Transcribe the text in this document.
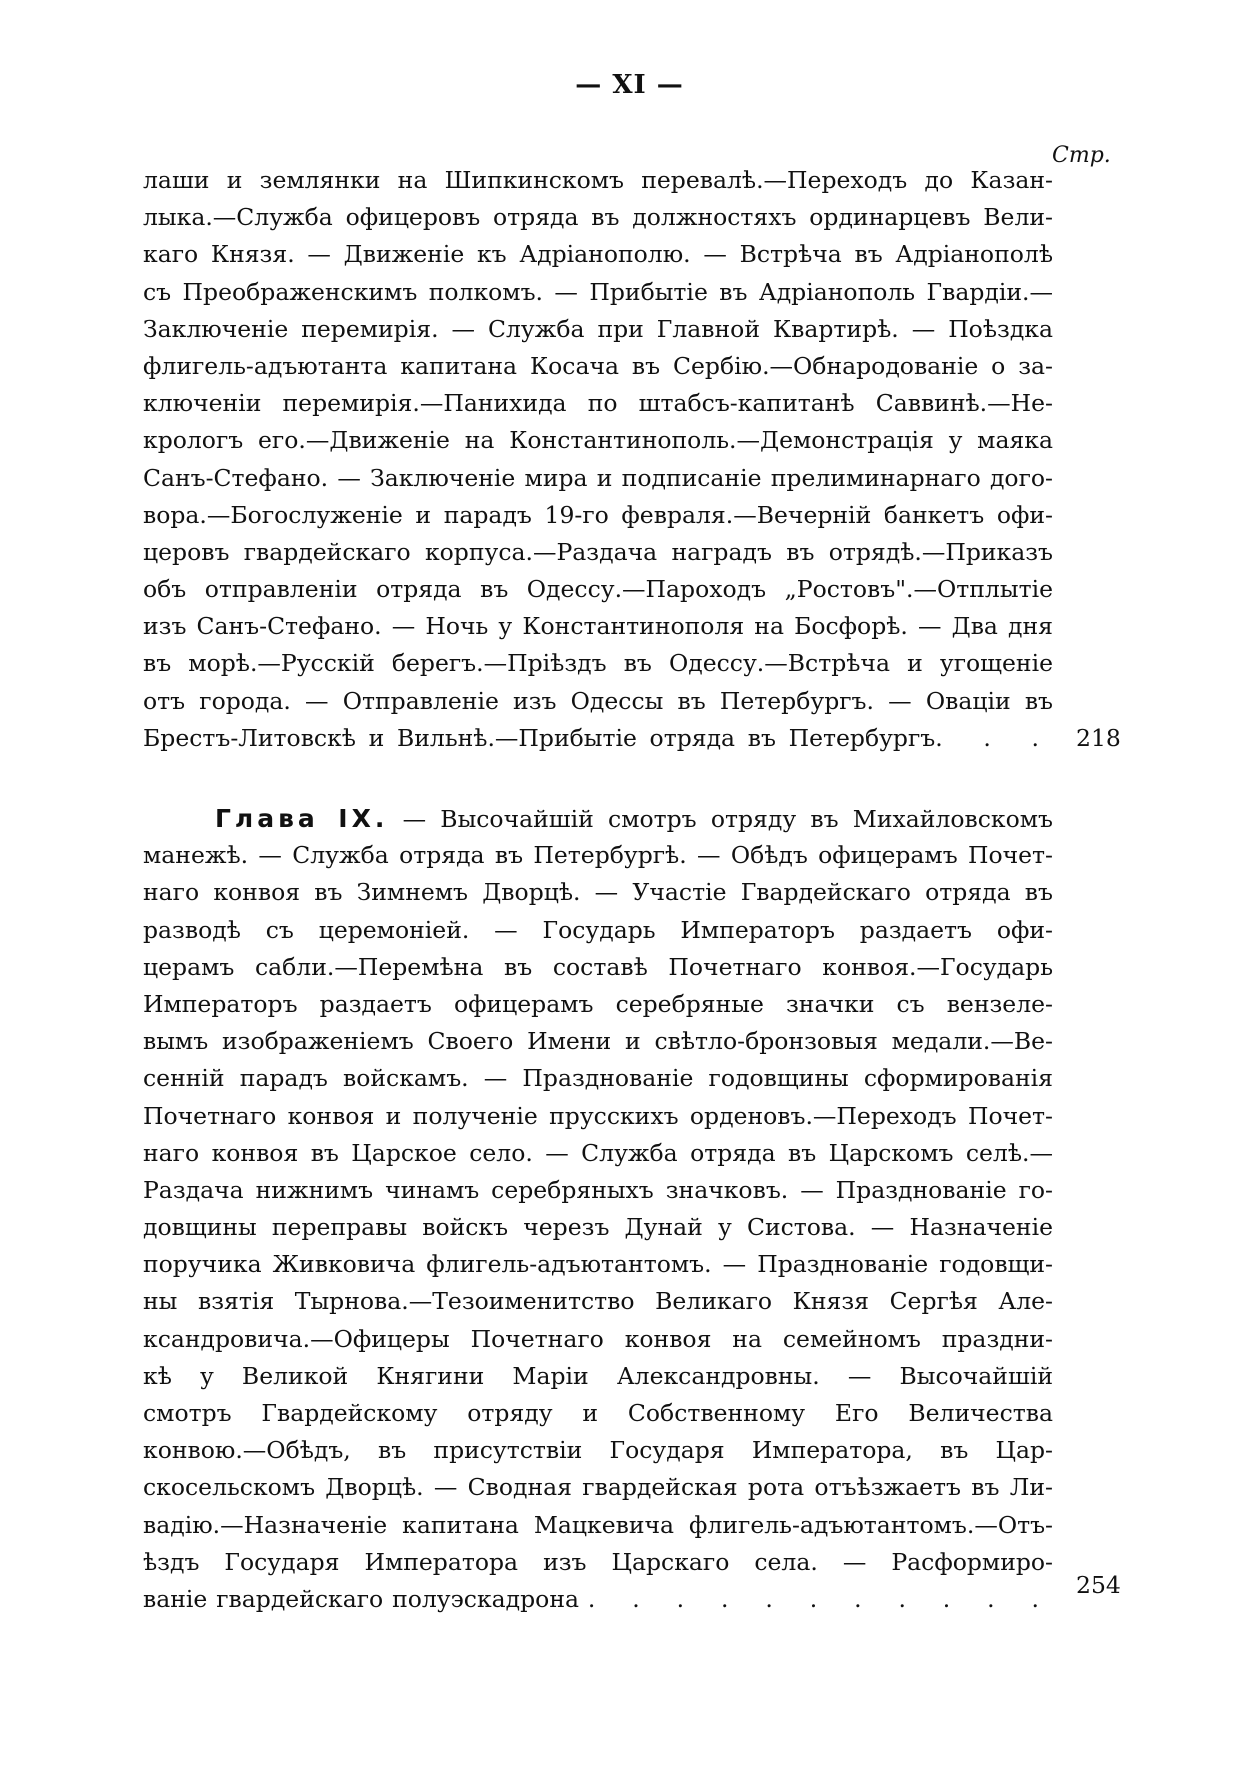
— XI —
Стр.
лаши и землянки на Шипкинскомъ перевалѣ.—Переходъ до Казан-
лыка.—Служба офицеровъ отряда въ должностяхъ ординарцевъ Вели-
каго Князя. — Движеніе къ Адріанополю. — Встрѣча въ Адріанополѣ
съ Преображенскимъ полкомъ. — Прибытіе въ Адріанополь Гвардіи.—
Заключеніе перемирія. — Служба при Главной Квартирѣ. — Поѣздка
флигель-адъютанта капитана Косача въ Сербію.—Обнародованіе о за-
ключеніи перемирія.—Панихида по штабсъ-капитанѣ Саввинѣ.—Не-
крологъ его.—Движеніе на Константинополь.—Демонстрація у маяка
Санъ-Стефано. — Заключеніе мира и подписаніе прелиминарнаго дого-
вора.—Богослуженіе и парадъ 19-го февраля.—Вечерній банкетъ офи-
церовъ гвардейскаго корпуса.—Раздача наградъ въ отрядѣ.—Приказъ
объ отправленіи отряда въ Одессу.—Пароходъ „Ростовъ".—Отплытіе
изъ Санъ-Стефано. — Ночь у Константинополя на Босфорѣ. — Два дня
въ морѣ.—Русскій берегъ.—Пріѣздъ въ Одессу.—Встрѣча и угощеніе
отъ города. — Отправленіе изъ Одессы въ Петербургъ. — Оваціи въ
Брестъ-Литовскѣ и Вильнѣ.—Прибытіе отряда въ Петербургъ. . . 218
Глава IX. — Высочайшій смотръ отряду въ Михайловскомъ
манежѣ. — Служба отряда въ Петербургѣ. — Обѣдъ офицерамъ Почет-
наго конвоя въ Зимнемъ Дворцѣ. — Участіе Гвардейскаго отряда въ
разводѣ съ церемоніей. — Государь Императоръ раздаетъ офи-
церамъ сабли.—Перемѣна въ составѣ Почетнаго конвоя.—Государь
Императоръ раздаетъ офицерамъ серебряные значки съ вензеле-
вымъ изображеніемъ Своего Имени и свѣтло-бронзовыя медали.—Ве-
сенній парадъ войскамъ. — Празднованіе годовщины сформированія
Почетнаго конвоя и полученіе прусскихъ орденовъ.—Переходъ Почет-
наго конвоя въ Царское село. — Служба отряда въ Царскомъ селѣ.—
Раздача нижнимъ чинамъ серебряныхъ значковъ. — Празднованіе го-
довщины переправы войскъ черезъ Дунай у Систова. — Назначеніе
поручика Живковича флигель-адъютантомъ. — Празднованіе годовщи-
ны взятія Тырнова.—Тезоименитство Великаго Князя Сергѣя Але-
ксандровича.—Офицеры Почетнаго конвоя на семейномъ праздни-
кѣ у Великой Княгини Маріи Александровны. — Высочайшій
смотръ Гвардейскому отряду и Собственному Его Величества
конвою.—Обѣдъ, въ присутствіи Государя Императора, въ Цар-
скосельскомъ Дворцѣ. — Сводная гвардейская рота отъѣзжаетъ въ Ли-
вадію.—Назначеніе капитана Мацкевича флигель-адъютантомъ.—Отъ-
ѣздъ Государя Императора изъ Царскаго села. — Расформиро-
ваніе гвардейскаго полуэскадрона . . . . . . . . . . . 254
